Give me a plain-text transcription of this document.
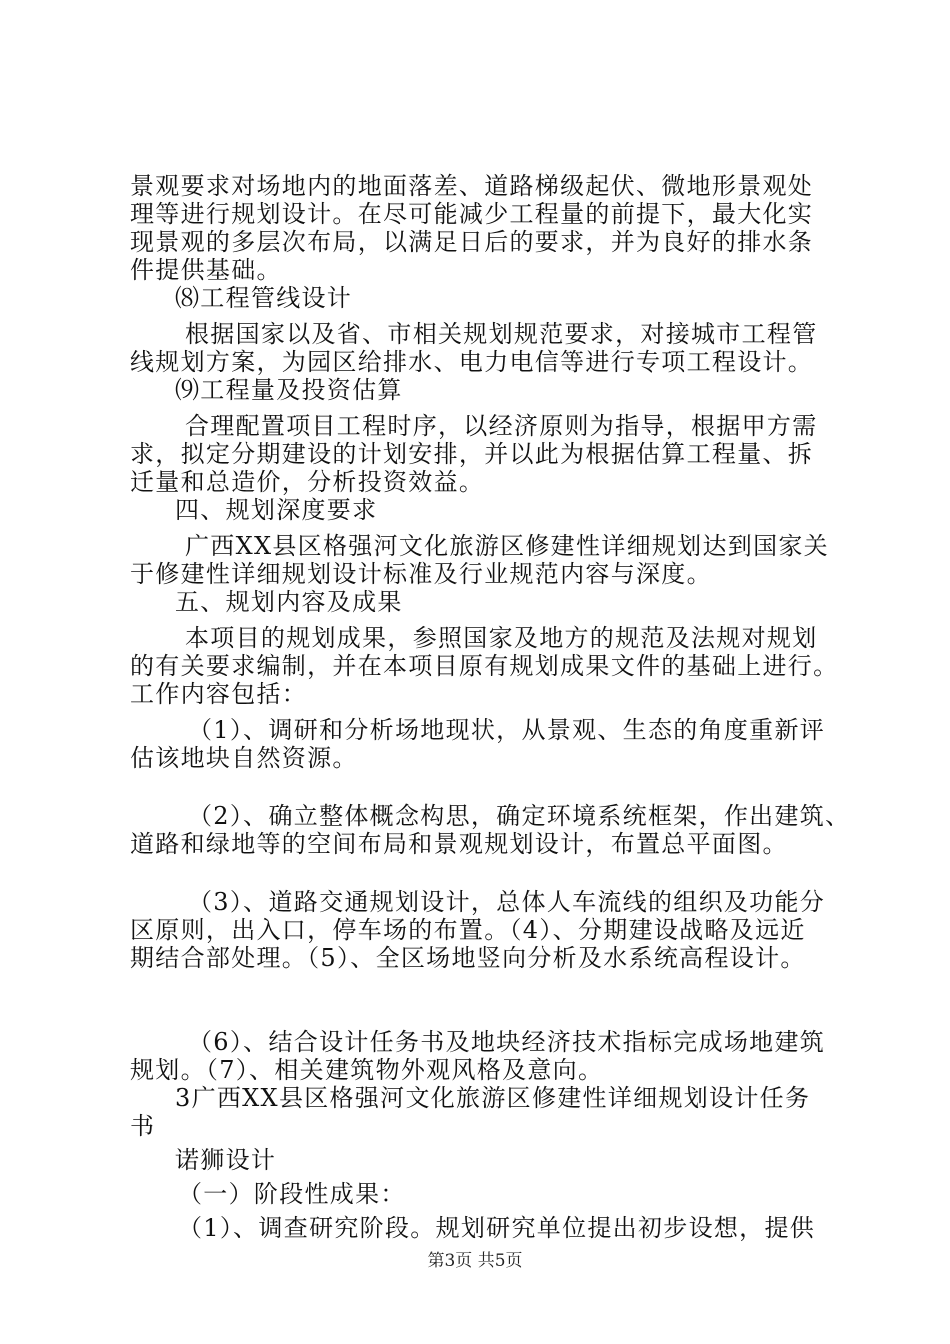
景观要求对场地内的地面落差、道路梯级起伏、微地形景观处
理等进行规划设计。在尽可能减少工程量的前提下，最大化实
现景观的多层次布局，以满足日后的要求，并为良好的排水条
件提供基础。
⑻工程管线设计
根据国家以及省、市相关规划规范要求，对接城市工程管
线规划方案，为园区给排水、电力电信等进行专项工程设计。
⑼工程量及投资估算
合理配置项目工程时序，以经济原则为指导，根据甲方需
求，拟定分期建设的计划安排，并以此为根据估算工程量、拆
迁量和总造价，分析投资效益。
四、规划深度要求
广西XX县区格强河文化旅游区修建性详细规划达到国家关
于修建性详细规划设计标准及行业规范内容与深度。
五、规划内容及成果
本项目的规划成果，参照国家及地方的规范及法规对规划
的有关要求编制，并在本项目原有规划成果文件的基础上进行。
工作内容包括：
（1）、调研和分析场地现状，从景观、生态的角度重新评
估该地块自然资源。
（2）、确立整体概念构思，确定环境系统框架，作出建筑、
道路和绿地等的空间布局和景观规划设计，布置总平面图。
（3）、道路交通规划设计，总体人车流线的组织及功能分
区原则，出入口，停车场的布置。（4）、分期建设战略及远近
期结合部处理。（5）、全区场地竖向分析及水系统高程设计。
（6）、结合设计任务书及地块经济技术指标完成场地建筑
规划。（7）、相关建筑物外观风格及意向。
3广西XX县区格强河文化旅游区修建性详细规划设计任务
书
诺狮设计
（一）阶段性成果：
（1）、调查研究阶段。规划研究单位提出初步设想，提供
第3页 共5页
